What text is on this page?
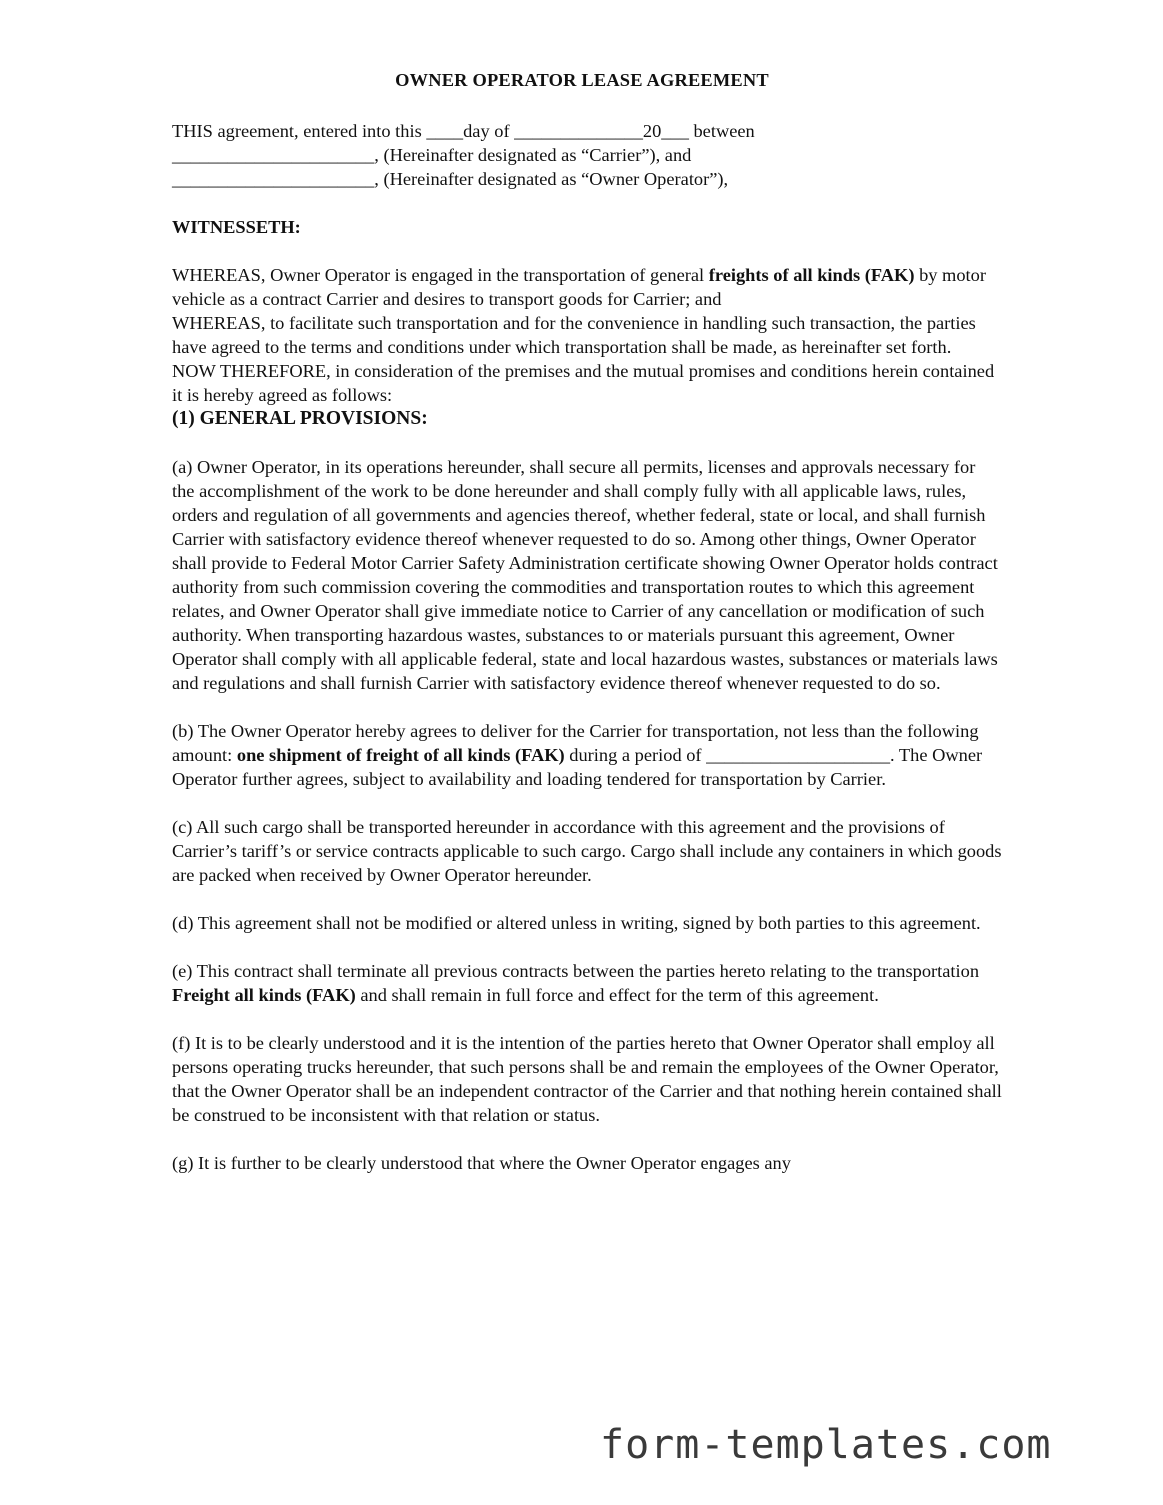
OWNER OPERATOR LEASE AGREEMENT

THIS agreement, entered into this ____day of ______________20___ between

______________________, (Hereinafter designated as “Carrier”), and

______________________, (Hereinafter designated as “Owner Operator”),

WITNESSETH:

WHEREAS, Owner Operator is engaged in the transportation of general freights of all kinds (FAK) by motor vehicle as a contract Carrier and desires to transport goods for Carrier; and

WHEREAS, to facilitate such transportation and for the convenience in handling such transaction, the parties have agreed to the terms and conditions under which transportation shall be made, as hereinafter set forth.

NOW THEREFORE, in consideration of the premises and the mutual promises and conditions herein contained it is hereby agreed as follows:

(1) GENERAL PROVISIONS:

(a) Owner Operator, in its operations hereunder, shall secure all permits, licenses and approvals necessary for the accomplishment of the work to be done hereunder and shall comply fully with all applicable laws, rules, orders and regulation of all governments and agencies thereof, whether federal, state or local, and shall furnish Carrier with satisfactory evidence thereof whenever requested to do so. Among other things, Owner Operator shall provide to Federal Motor Carrier Safety Administration certificate showing Owner Operator holds contract authority from such commission covering the commodities and transportation routes to which this agreement relates, and Owner Operator shall give immediate notice to Carrier of any cancellation or modification of such authority. When transporting hazardous wastes, substances to or materials pursuant this agreement, Owner Operator shall comply with all applicable federal, state and local hazardous wastes, substances or materials laws and regulations and shall furnish Carrier with satisfactory evidence thereof whenever requested to do so.

(b) The Owner Operator hereby agrees to deliver for the Carrier for transportation, not less than the following amount: one shipment of freight of all kinds (FAK) during a period of ____________________. The Owner Operator further agrees, subject to availability and loading tendered for transportation by Carrier.

(c) All such cargo shall be transported hereunder in accordance with this agreement and the provisions of Carrier’s tariff’s or service contracts applicable to such cargo. Cargo shall include any containers in which goods are packed when received by Owner Operator hereunder.

(d) This agreement shall not be modified or altered unless in writing, signed by both parties to this agreement.

(e) This contract shall terminate all previous contracts between the parties hereto relating to the transportation Freight all kinds (FAK) and shall remain in full force and effect for the term of this agreement.

(f) It is to be clearly understood and it is the intention of the parties hereto that Owner Operator shall employ all persons operating trucks hereunder, that such persons shall be and remain the employees of the Owner Operator, that the Owner Operator shall be an independent contractor of the Carrier and that nothing herein contained shall be construed to be inconsistent with that relation or status.

(g) It is further to be clearly understood that where the Owner Operator engages any

form-templates.com
